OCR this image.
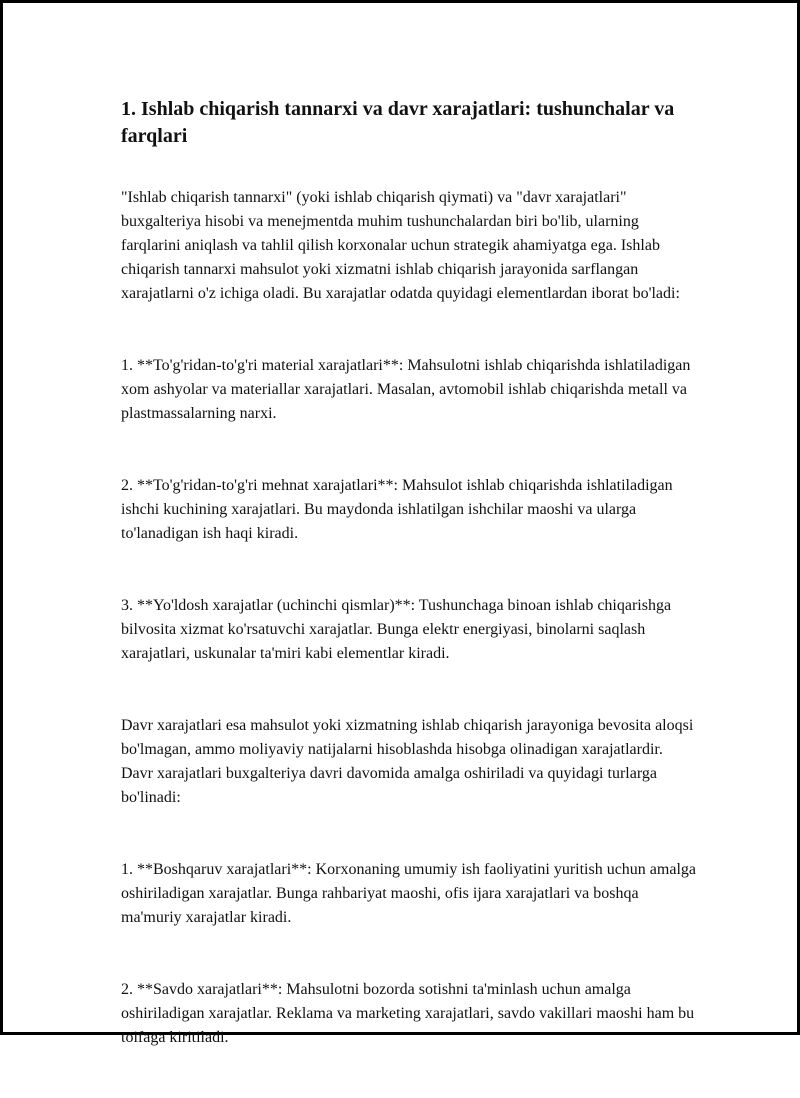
1. Ishlab chiqarish tannarxi va davr xarajatlari: tushunchalar va farqlari

"Ishlab chiqarish tannarxi" (yoki ishlab chiqarish qiymati) va "davr xarajatlari" buxgalteriya hisobi va menejmentda muhim tushunchalardan biri bo'lib, ularning farqlarini aniqlash va tahlil qilish korxonalar uchun strategik ahamiyatga ega. Ishlab chiqarish tannarxi mahsulot yoki xizmatni ishlab chiqarish jarayonida sarflangan xarajatlarni o'z ichiga oladi. Bu xarajatlar odatda quyidagi elementlardan iborat bo'ladi:

1. **To'g'ridan-to'g'ri material xarajatlari**: Mahsulotni ishlab chiqarishda ishlatiladigan xom ashyolar va materiallar xarajatlari. Masalan, avtomobil ishlab chiqarishda metall va plastmassalarning narxi.

2. **To'g'ridan-to'g'ri mehnat xarajatlari**: Mahsulot ishlab chiqarishda ishlatiladigan ishchi kuchining xarajatlari. Bu maydonda ishlatilgan ishchilar maoshi va ularga to'lanadigan ish haqi kiradi.

3. **Yo'ldosh xarajatlar (uchinchi qismlar)**: Tushunchaga binoan ishlab chiqarishga bilvosita xizmat ko'rsatuvchi xarajatlar. Bunga elektr energiyasi, binolarni saqlash xarajatlari, uskunalar ta'miri kabi elementlar kiradi.

Davr xarajatlari esa mahsulot yoki xizmatning ishlab chiqarish jarayoniga bevosita aloqsi bo'lmagan, ammo moliyaviy natijalarni hisoblashda hisobga olinadigan xarajatlardir. Davr xarajatlari buxgalteriya davri davomida amalga oshiriladi va quyidagi turlarga bo'linadi:

1. **Boshqaruv xarajatlari**: Korxonaning umumiy ish faoliyatini yuritish uchun amalga oshiriladigan xarajatlar. Bunga rahbariyat maoshi, ofis ijara xarajatlari va boshqa ma'muriy xarajatlar kiradi.

2. **Savdo xarajatlari**: Mahsulotni bozorda sotishni ta'minlash uchun amalga oshiriladigan xarajatlar. Reklama va marketing xarajatlari, savdo vakillari maoshi ham bu toifaga kiritiladi.
